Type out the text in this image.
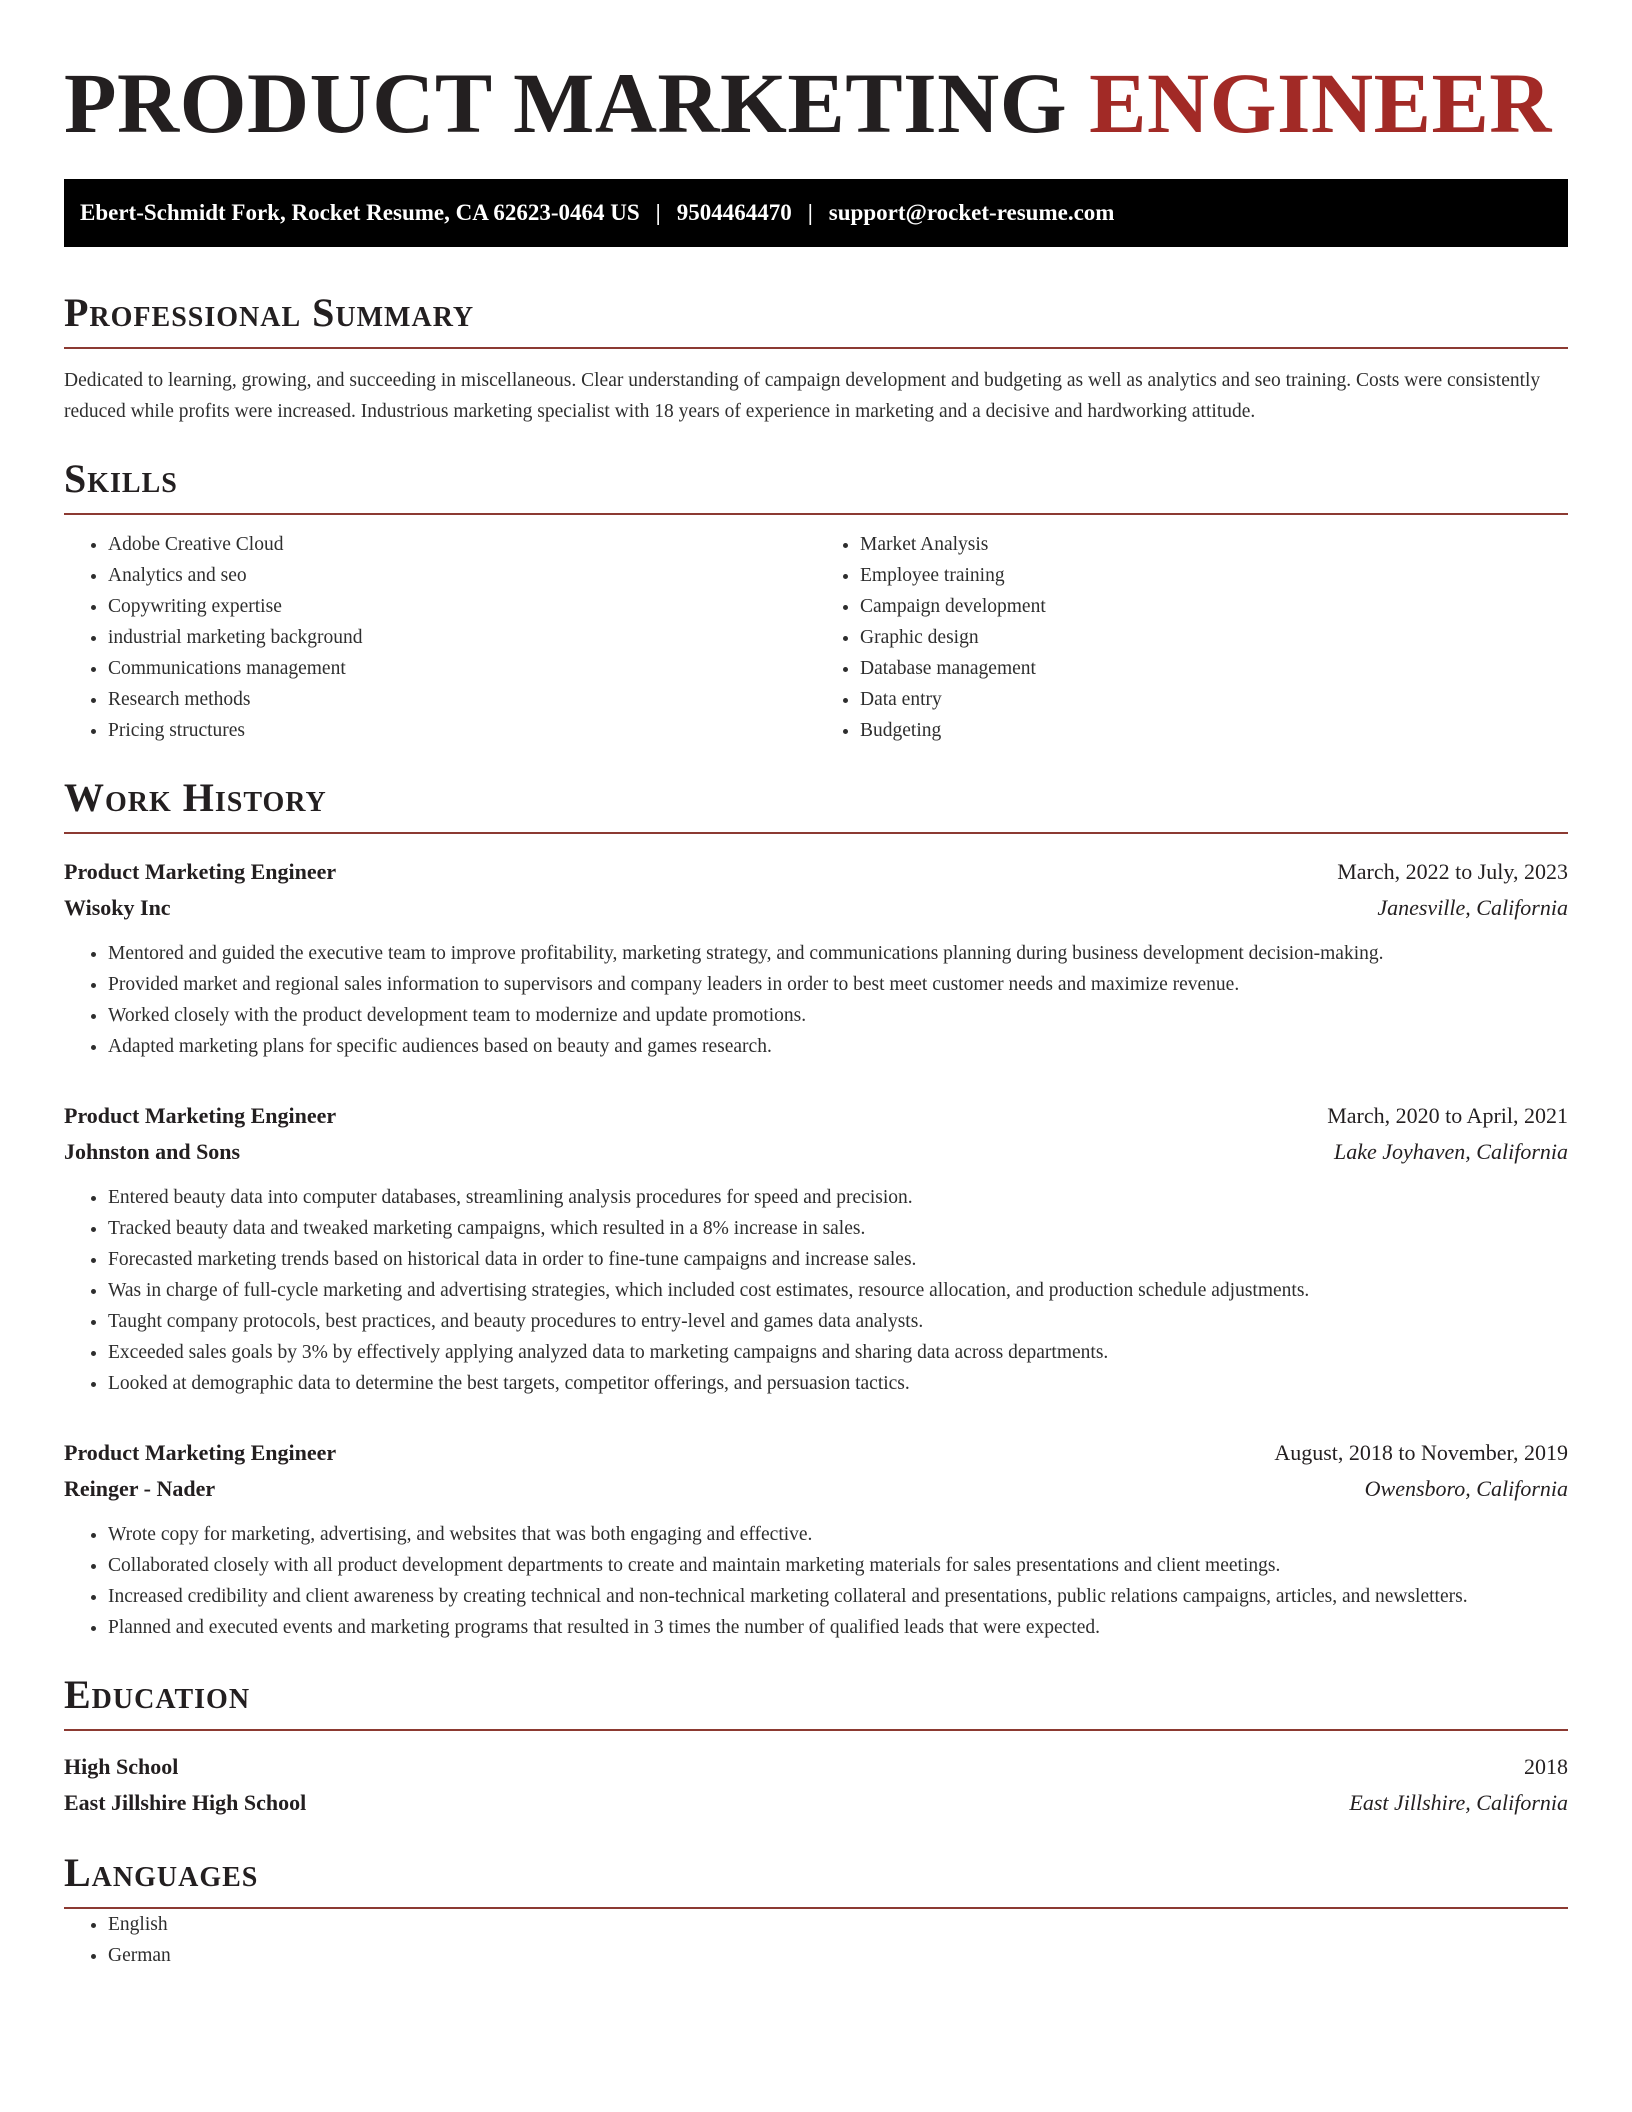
PRODUCT MARKETING ENGINEER
Ebert-Schmidt Fork, Rocket Resume, CA 62623-0464 US | 9504464470 | support@rocket-resume.com
Professional Summary

Dedicated to learning, growing, and succeeding in miscellaneous. Clear understanding of campaign development and budgeting as well as analytics and seo training. Costs were consistently reduced while profits were increased. Industrious marketing specialist with 18 years of experience in marketing and a decisive and hardworking attitude.

Skills
• Adobe Creative Cloud
• Analytics and seo
• Copywriting expertise
• industrial marketing background
• Communications management
• Research methods
• Pricing structures
• Market Analysis
• Employee training
• Campaign development
• Graphic design
• Database management
• Data entry
• Budgeting
Work History
Product Marketing Engineer	March, 2022 to July, 2023
Wisoky Inc	Janesville, California
• Mentored and guided the executive team to improve profitability, marketing strategy, and communications planning during business development decision-making.
• Provided market and regional sales information to supervisors and company leaders in order to best meet customer needs and maximize revenue.
• Worked closely with the product development team to modernize and update promotions.
• Adapted marketing plans for specific audiences based on beauty and games research.
Product Marketing Engineer	March, 2020 to April, 2021
Johnston and Sons	Lake Joyhaven, California
• Entered beauty data into computer databases, streamlining analysis procedures for speed and precision.
• Tracked beauty data and tweaked marketing campaigns, which resulted in a 8% increase in sales.
• Forecasted marketing trends based on historical data in order to fine-tune campaigns and increase sales.
• Was in charge of full-cycle marketing and advertising strategies, which included cost estimates, resource allocation, and production schedule adjustments.
• Taught company protocols, best practices, and beauty procedures to entry-level and games data analysts.
• Exceeded sales goals by 3% by effectively applying analyzed data to marketing campaigns and sharing data across departments.
• Looked at demographic data to determine the best targets, competitor offerings, and persuasion tactics.
Product Marketing Engineer	August, 2018 to November, 2019
Reinger - Nader	Owensboro, California
• Wrote copy for marketing, advertising, and websites that was both engaging and effective.
• Collaborated closely with all product development departments to create and maintain marketing materials for sales presentations and client meetings.
• Increased credibility and client awareness by creating technical and non-technical marketing collateral and presentations, public relations campaigns, articles, and newsletters.
• Planned and executed events and marketing programs that resulted in 3 times the number of qualified leads that were expected.
Education
High School	2018
East Jillshire High School	East Jillshire, California
Languages
• English
• German
